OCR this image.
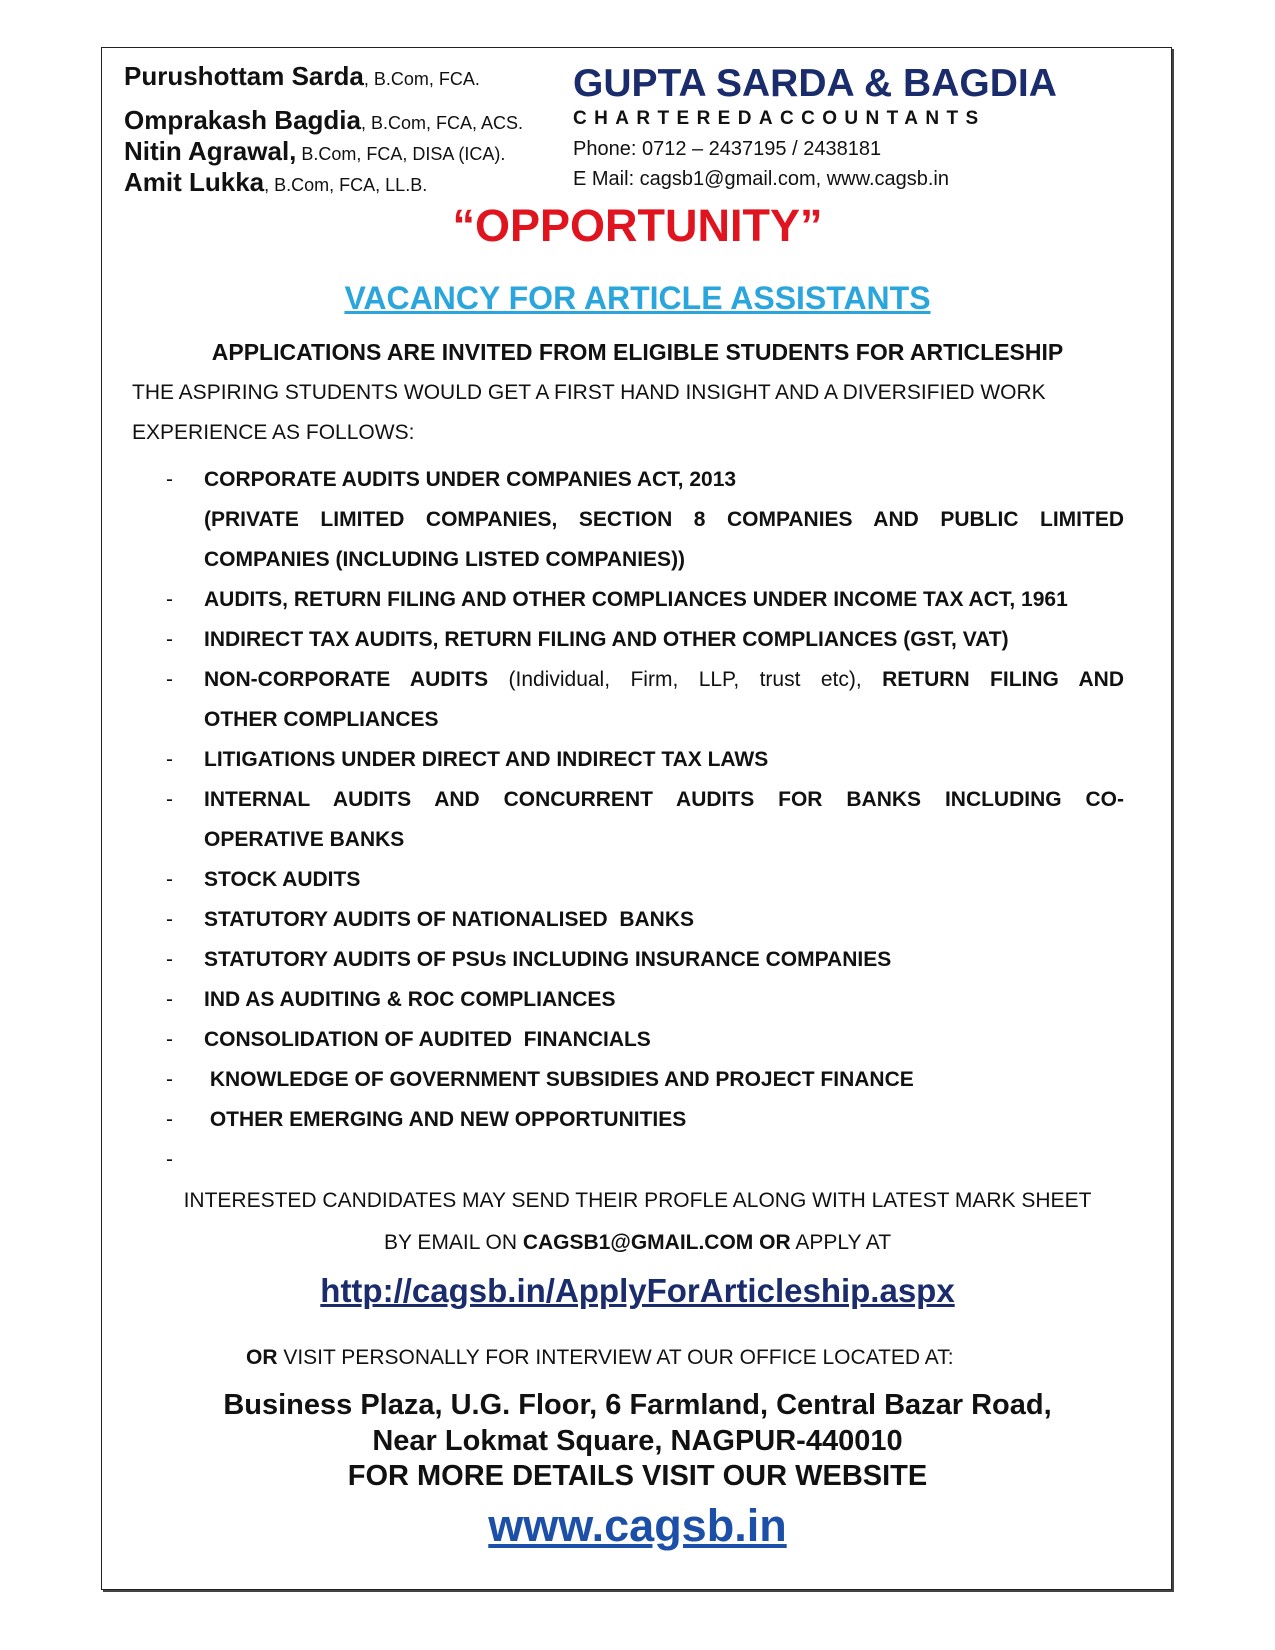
Purushottam Sarda, B.Com, FCA.
Omprakash Bagdia, B.Com, FCA, ACS.
Nitin Agrawal, B.Com, FCA, DISA (ICA).
Amit Lukka, B.Com, FCA, LL.B.
GUPTA SARDA & BAGDIA
CHARTEREDACCOUNTANTS
Phone: 0712 – 2437195 / 2438181
E Mail: cagsb1@gmail.com, www.cagsb.in
“OPPORTUNITY”
VACANCY FOR ARTICLE ASSISTANTS
APPLICATIONS ARE INVITED FROM ELIGIBLE STUDENTS FOR ARTICLESHIP
THE ASPIRING STUDENTS WOULD GET A FIRST HAND INSIGHT AND A DIVERSIFIED WORK
EXPERIENCE AS FOLLOWS:
- CORPORATE AUDITS UNDER COMPANIES ACT, 2013

(PRIVATE LIMITED COMPANIES, SECTION 8 COMPANIES AND PUBLIC LIMITED
COMPANIES (INCLUDING LISTED COMPANIES))
- AUDITS, RETURN FILING AND OTHER COMPLIANCES UNDER INCOME TAX ACT, 1961
- INDIRECT TAX AUDITS, RETURN FILING AND OTHER COMPLIANCES (GST, VAT)
- NON-CORPORATE AUDITS (Individual, Firm, LLP, trust etc), RETURN FILING AND
OTHER COMPLIANCES
- LITIGATIONS UNDER DIRECT AND INDIRECT TAX LAWS
- INTERNAL AUDITS AND CONCURRENT AUDITS FOR BANKS INCLUDING CO-
OPERATIVE BANKS
- STOCK AUDITS
- STATUTORY AUDITS OF NATIONALISED  BANKS
- STATUTORY AUDITS OF PSUs INCLUDING INSURANCE COMPANIES
- IND AS AUDITING & ROC COMPLIANCES
- CONSOLIDATION OF AUDITED  FINANCIALS
- KNOWLEDGE OF GOVERNMENT SUBSIDIES AND PROJECT FINANCE
- OTHER EMERGING AND NEW OPPORTUNITIES
-

INTERESTED CANDIDATES MAY SEND THEIR PROFLE ALONG WITH LATEST MARK SHEET
BY EMAIL ON CAGSB1@GMAIL.COM OR APPLY AT
http://cagsb.in/ApplyForArticleship.aspx
OR VISIT PERSONALLY FOR INTERVIEW AT OUR OFFICE LOCATED AT:
Business Plaza, U.G. Floor, 6 Farmland, Central Bazar Road,
Near Lokmat Square, NAGPUR-440010
FOR MORE DETAILS VISIT OUR WEBSITE
www.cagsb.in
